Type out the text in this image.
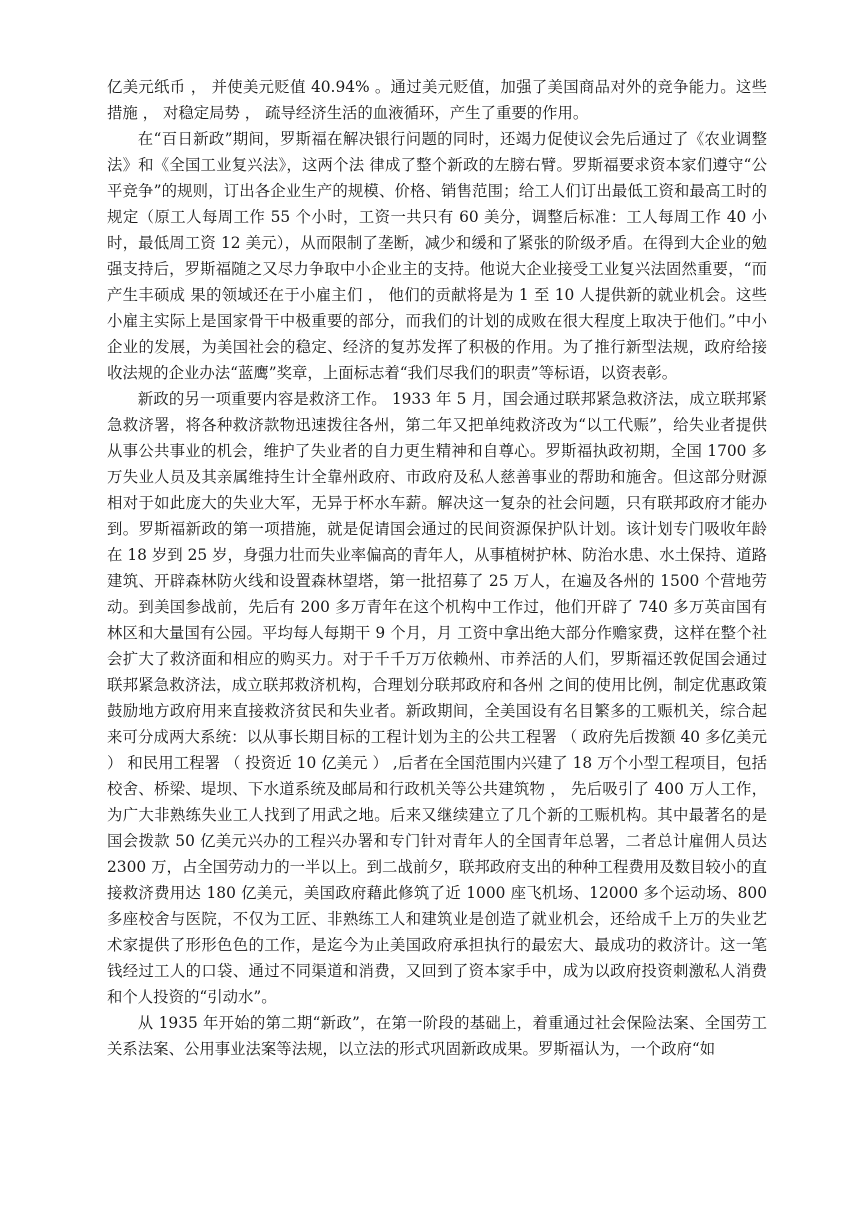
亿美元纸币 ， 并使美元贬值 40.94% 。通过美元贬值，加强了美国商品对外的竞争能力。这些措施 ， 对稳定局势 ， 疏导经济生活的血液循环，产生了重要的作用。

在“百日新政”期间，罗斯福在解决银行问题的同时，还竭力促使议会先后通过了《农业调整法》和《全国工业复兴法》，这两个法 律成了整个新政的左膀右臂。罗斯福要求资本家们遵守“公平竞争”的规则，订出各企业生产的规模、价格、销售范围；给工人们订出最低工资和最高工时的规定（原工人每周工作 55 个小时，工资一共只有 60 美分，调整后标准：工人每周工作 40 小时，最低周工资 12 美元），从而限制了垄断，减少和缓和了紧张的阶级矛盾。在得到大企业的勉强支持后，罗斯福随之又尽力争取中小企业主的支持。他说大企业接受工业复兴法固然重要，“而产生丰硕成 果的领域还在于小雇主们 ， 他们的贡献将是为 1 至 10 人提供新的就业机会。这些小雇主实际上是国家骨干中极重要的部分，而我们的计划的成败在很大程度上取决于他们。”中小企业的发展，为美国社会的稳定、经济的复苏发挥了积极的作用。为了推行新型法规，政府给接收法规的企业办法“蓝鹰”奖章，上面标志着“我们尽我们的职责”等标语，以资表彰。

新政的另一项重要内容是救济工作。 1933 年 5 月，国会通过联邦紧急救济法，成立联邦紧急救济署，将各种救济款物迅速拨往各州，第二年又把单纯救济改为“以工代赈”，给失业者提供从事公共事业的机会，维护了失业者的自力更生精神和自尊心。罗斯福执政初期，全国 1700 多万失业人员及其亲属维持生计全靠州政府、市政府及私人慈善事业的帮助和施舍。但这部分财源相对于如此庞大的失业大军，无异于杯水车薪。解决这一复杂的社会问题，只有联邦政府才能办到。罗斯福新政的第一项措施，就是促请国会通过的民间资源保护队计划。该计划专门吸收年龄在 18 岁到 25 岁，身强力壮而失业率偏高的青年人，从事植树护林、防治水患、水土保持、道路建筑、开辟森林防火线和设置森林望塔，第一批招募了 25 万人，在遍及各州的 1500 个营地劳动。到美国参战前，先后有 200 多万青年在这个机构中工作过，他们开辟了 740 多万英亩国有林区和大量国有公园。平均每人每期干 9 个月，月 工资中拿出绝大部分作赡家费，这样在整个社会扩大了救济面和相应的购买力。对于千千万万依赖州、市养活的人们，罗斯福还敦促国会通过联邦紧急救济法，成立联邦救济机构，合理划分联邦政府和各州 之间的使用比例，制定优惠政策鼓励地方政府用来直接救济贫民和失业者。新政期间，全美国设有名目繁多的工赈机关，综合起来可分成两大系统：以从事长期目标的工程计划为主的公共工程署 （ 政府先后拨额 40 多亿美元 ） 和民用工程署 （ 投资近 10 亿美元 ） ,后者在全国范围内兴建了 18 万个小型工程项目，包括校舍、桥梁、堤坝、下水道系统及邮局和行政机关等公共建筑物 ， 先后吸引了 400 万人工作，为广大非熟练失业工人找到了用武之地。后来又继续建立了几个新的工赈机构。其中最著名的是国会拨款 50 亿美元兴办的工程兴办署和专门针对青年人的全国青年总署，二者总计雇佣人员达 2300 万，占全国劳动力的一半以上。到二战前夕，联邦政府支出的种种工程费用及数目较小的直接救济费用达 180 亿美元，美国政府藉此修筑了近 1000 座飞机场、12000 多个运动场、800 多座校舍与医院，不仅为工匠、非熟练工人和建筑业是创造了就业机会，还给成千上万的失业艺术家提供了形形色色的工作，是迄今为止美国政府承担执行的最宏大、最成功的救济计。这一笔钱经过工人的口袋、通过不同渠道和消费，又回到了资本家手中，成为以政府投资刺激私人消费和个人投资的“引动水”。

从 1935 年开始的第二期“新政”，在第一阶段的基础上，着重通过社会保险法案、全国劳工关系法案、公用事业法案等法规，以立法的形式巩固新政成果。罗斯福认为，一个政府“如
